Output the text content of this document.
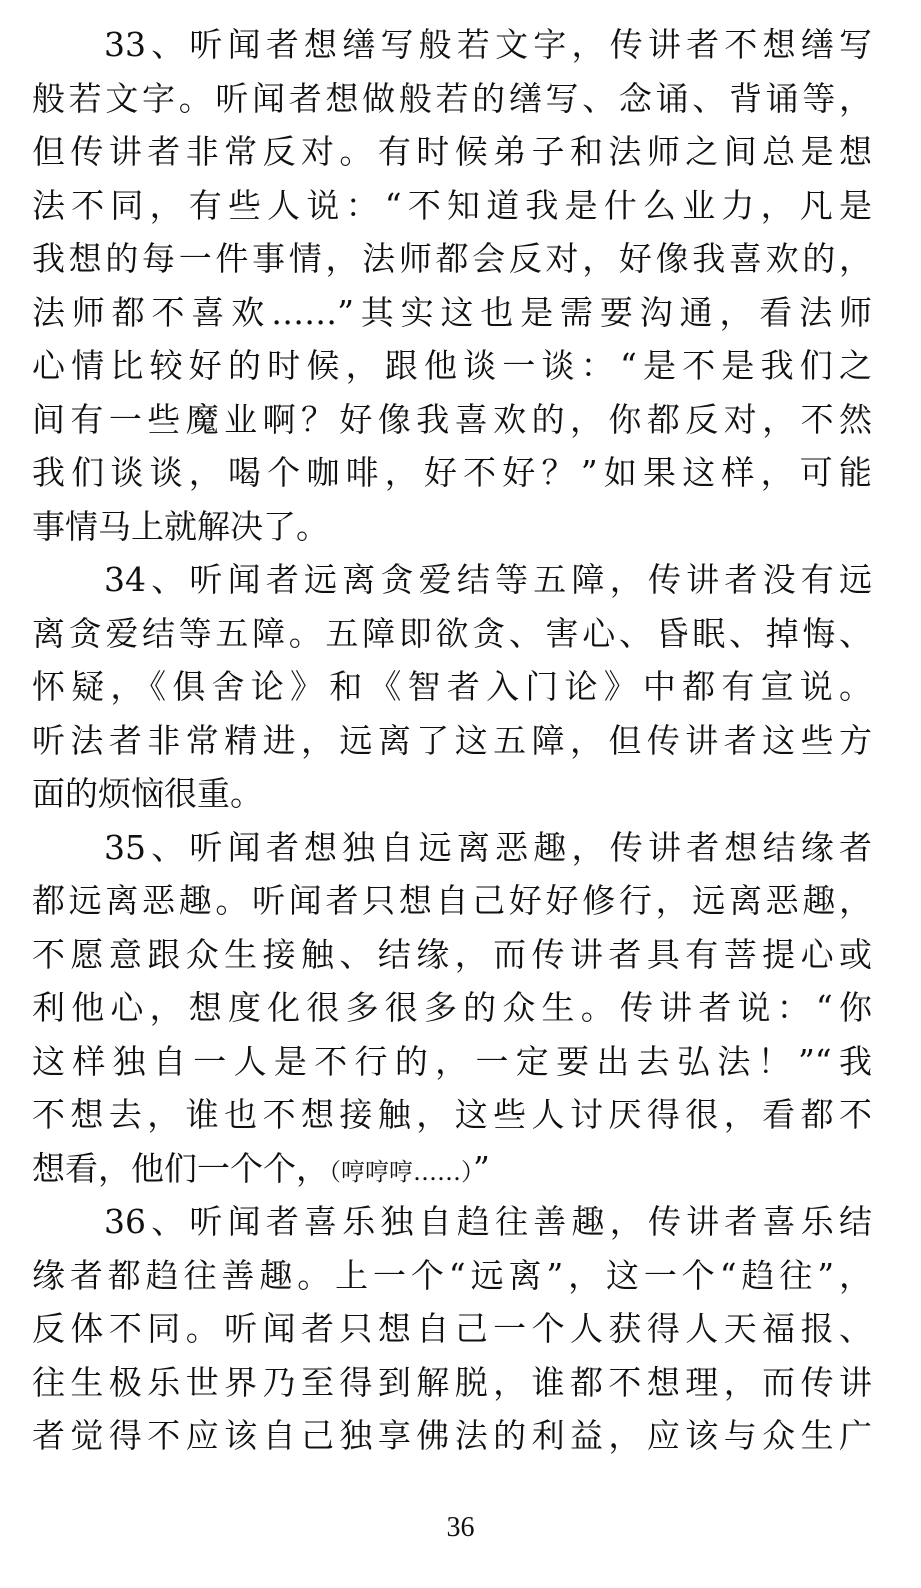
33、听闻者想缮写般若文字，传讲者不想缮写
般若文字。听闻者想做般若的缮写、念诵、背诵等，
但传讲者非常反对。有时候弟子和法师之间总是想
法不同，有些人说：“不知道我是什么业力，凡是
我想的每一件事情，法师都会反对，好像我喜欢的，
法师都不喜欢……”其实这也是需要沟通，看法师
心情比较好的时候，跟他谈一谈：“是不是我们之
间有一些魔业啊？好像我喜欢的，你都反对，不然
我们谈谈，喝个咖啡，好不好？”如果这样，可能
事情马上就解决了。
34、听闻者远离贪爱结等五障，传讲者没有远
离贪爱结等五障。五障即欲贪、害心、昏眠、掉悔、
怀疑，《俱舍论》和《智者入门论》中都有宣说。
听法者非常精进，远离了这五障，但传讲者这些方
面的烦恼很重。
35、听闻者想独自远离恶趣，传讲者想结缘者
都远离恶趣。听闻者只想自己好好修行，远离恶趣，
不愿意跟众生接触、结缘，而传讲者具有菩提心或
利他心，想度化很多很多的众生。传讲者说：“你
这样独自一人是不行的，一定要出去弘法！”“我
不想去，谁也不想接触，这些人讨厌得很，看都不
想看，他们一个个，（哼哼哼……）”
36、听闻者喜乐独自趋往善趣，传讲者喜乐结
缘者都趋往善趣。上一个“远离”，这一个“趋往”，
反体不同。听闻者只想自己一个人获得人天福报、
往生极乐世界乃至得到解脱，谁都不想理，而传讲
者觉得不应该自己独享佛法的利益，应该与众生广
36
